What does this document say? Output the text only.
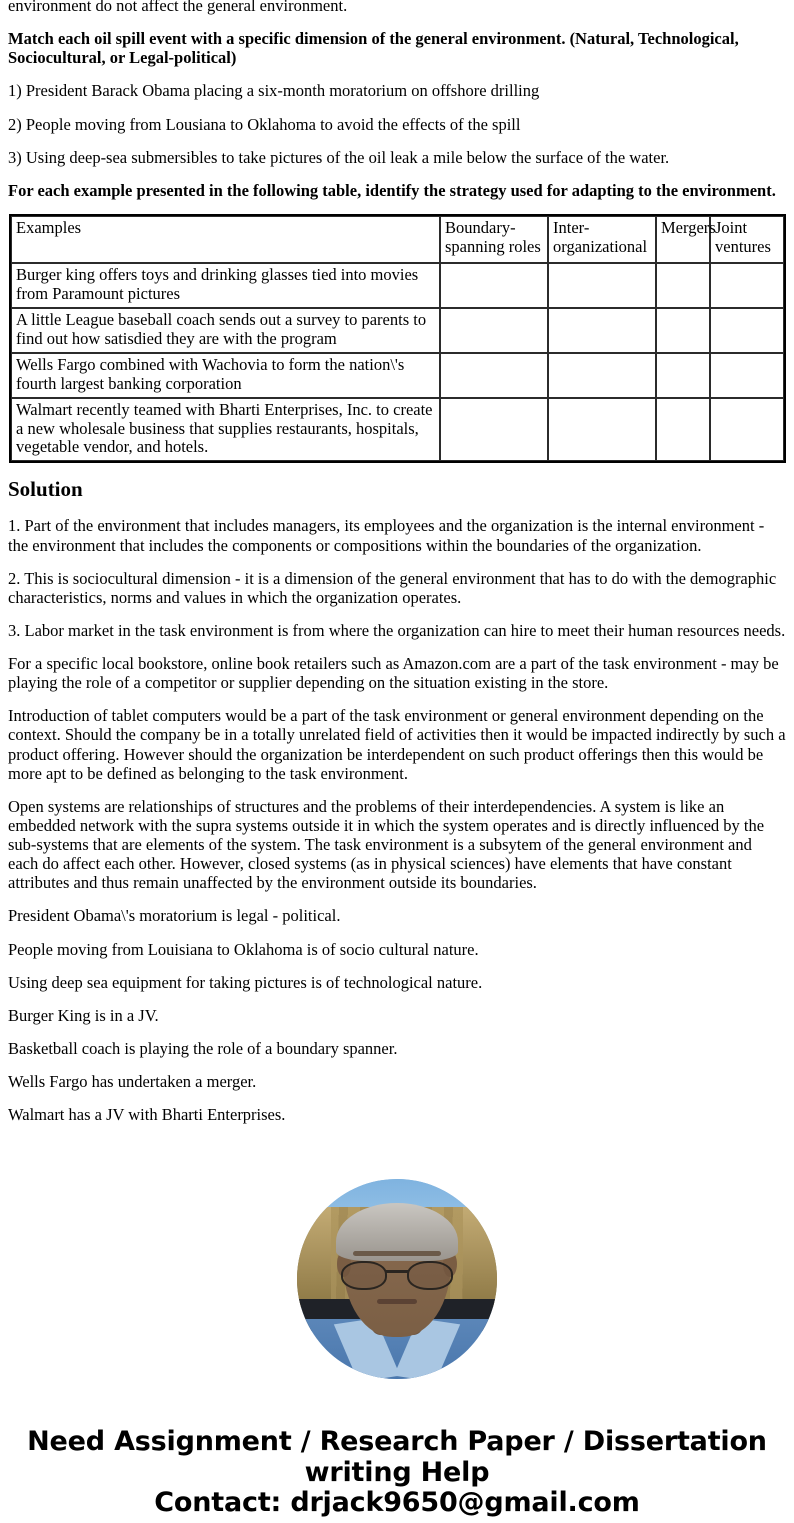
environment do not affect the general environment.

Match each oil spill event with a specific dimension of the general environment. (Natural, Technological, Sociocultural, or Legal-political)

1) President Barack Obama placing a six-month moratorium on offshore drilling

2) People moving from Lousiana to Oklahoma to avoid the effects of the spill

3) Using deep-sea submersibles to take pictures of the oil leak a mile below the surface of the water.

For each example presented in the following table, identify the strategy used for adapting to the environment.

Examples	Boundary-spanning roles	Inter-organizational	Mergers	Joint ventures
Burger king offers toys and drinking glasses tied into movies from Paramount pictures				
A little League baseball coach sends out a survey to parents to find out how satisdied they are with the program				
Wells Fargo combined with Wachovia to form the nation\'s fourth largest banking corporation				
Walmart recently teamed with Bharti Enterprises, Inc. to create a new wholesale business that supplies restaurants, hospitals, vegetable vendor, and hotels.				
Solution

1. Part of the environment that includes managers, its employees and the organization is the internal environment - the environment that includes the components or compositions within the boundaries of the organization.

2. This is sociocultural dimension - it is a dimension of the general environment that has to do with the demographic characteristics, norms and values in which the organization operates.

3. Labor market in the task environment is from where the organization can hire to meet their human resources needs.

For a specific local bookstore, online book retailers such as Amazon.com are a part of the task environment - may be playing the role of a competitor or supplier depending on the situation existing in the store.

Introduction of tablet computers would be a part of the task environment or general environment depending on the context. Should the company be in a totally unrelated field of activities then it would be impacted indirectly by such a product offering. However should the organization be interdependent on such product offerings then this would be more apt to be defined as belonging to the task environment.

Open systems are relationships of structures and the problems of their interdependencies. A system is like an embedded network with the supra systems outside it in which the system operates and is directly influenced by the sub-systems that are elements of the system. The task environment is a subsytem of the general environment and each do affect each other. However, closed systems (as in physical sciences) have elements that have constant attributes and thus remain unaffected by the environment outside its boundaries.

President Obama\'s moratorium is legal - political.

People moving from Louisiana to Oklahoma is of socio cultural nature.

Using deep sea equipment for taking pictures is of technological nature.

Burger King is in a JV.

Basketball coach is playing the role of a boundary spanner.

Wells Fargo has undertaken a merger.

Walmart has a JV with Bharti Enterprises.

Need Assignment / Research Paper / Dissertation writing Help
Contact: drjack9650@gmail.com
